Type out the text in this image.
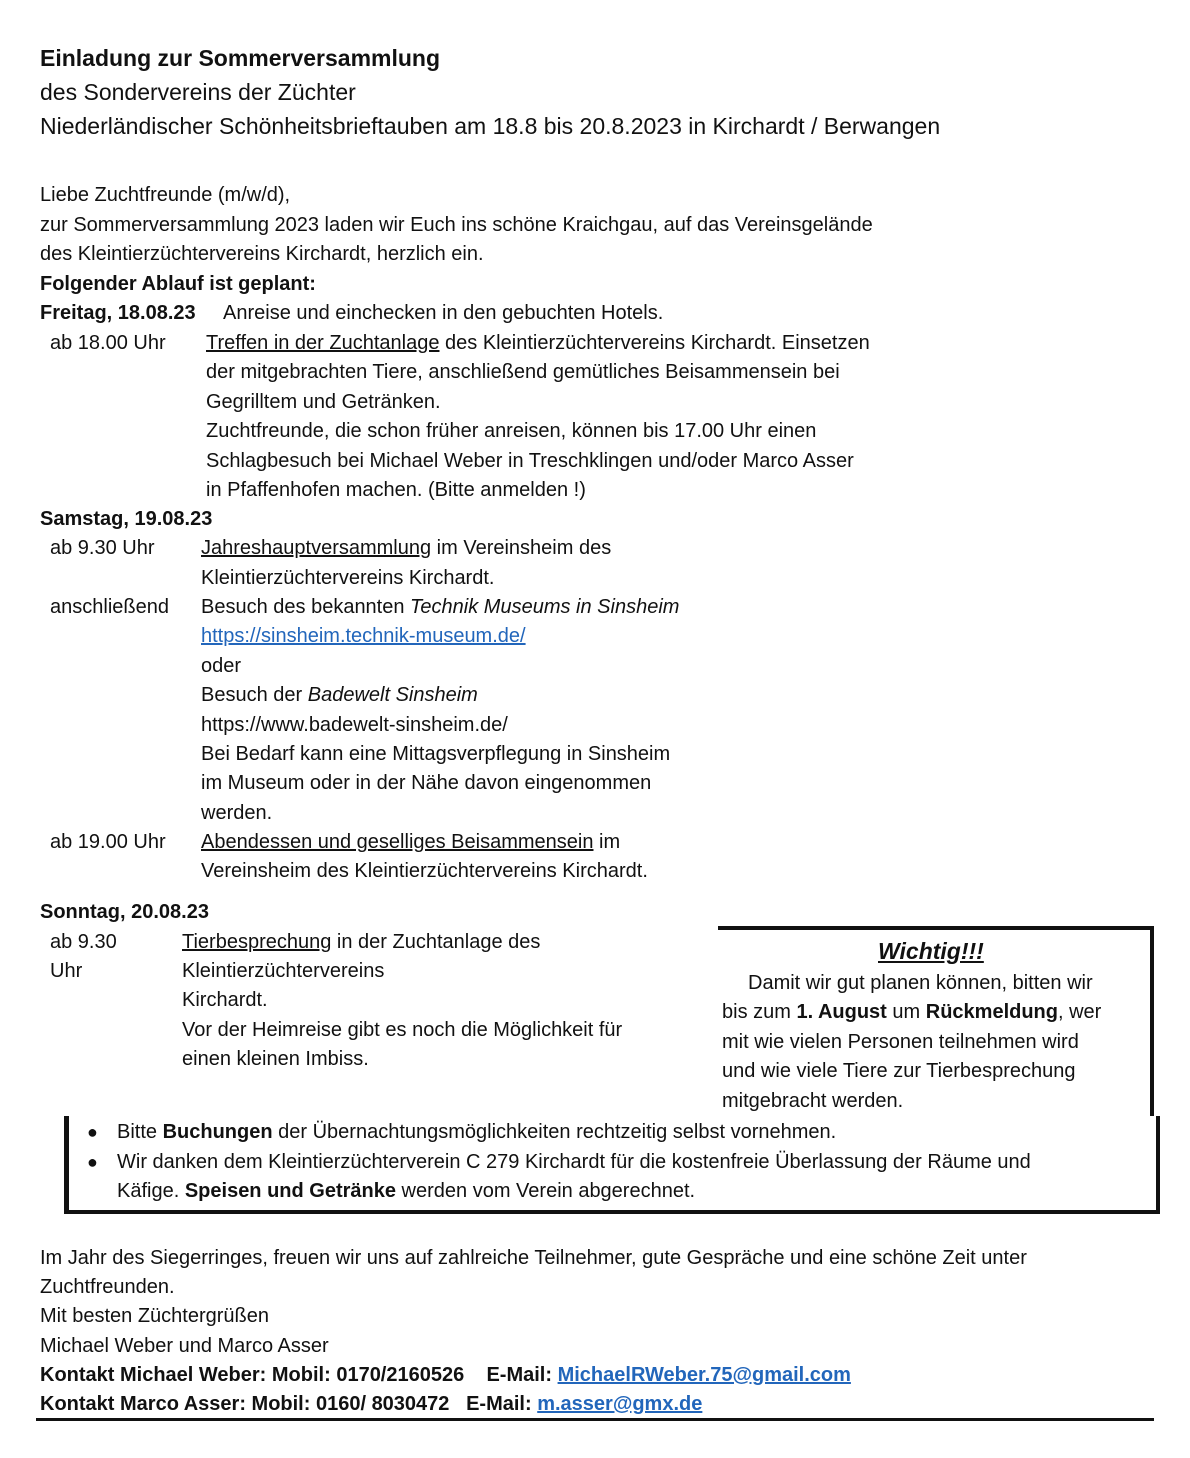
Einladung zur Sommerversammlung
des Sondervereins der Züchter
Niederländischer Schönheitsbrieftauben am 18.8 bis 20.8.2023 in Kirchardt / Berwangen
Liebe Zuchtfreunde (m/w/d),
zur Sommerversammlung 2023 laden wir Euch ins schöne Kraichgau, auf das Vereinsgelände
des Kleintierzüchtervereins Kirchardt, herzlich ein.
Folgender Ablauf ist geplant:
Freitag, 18.08.23 Anreise und einchecken in den gebuchten Hotels.
ab 18.00 Uhr Treffen in der Zuchtanlage des Kleintierzüchtervereins Kirchardt. Einsetzen
der mitgebrachten Tiere, anschließend gemütliches Beisammensein bei
Gegrilltem und Getränken.
Zuchtfreunde, die schon früher anreisen, können bis 17.00 Uhr einen
Schlagbesuch bei Michael Weber in Treschklingen und/oder Marco Asser
in Pfaffenhofen machen. (Bitte anmelden !)
Samstag, 19.08.23
ab 9.30 Uhr Jahreshauptversammlung im Vereinsheim des
Kleintierzüchtervereins Kirchardt.
anschließend Besuch des bekannten Technik Museums in Sinsheim
https://sinsheim.technik-museum.de/
oder
Besuch der Badewelt Sinsheim
https://www.badewelt-sinsheim.de/
Bei Bedarf kann eine Mittagsverpflegung in Sinsheim
im Museum oder in der Nähe davon eingenommen
werden.
ab 19.00 Uhr Abendessen und geselliges Beisammensein im
Vereinsheim des Kleintierzüchtervereins Kirchardt.
Sonntag, 20.08.23
ab 9.30
Uhr
Tierbesprechung in der Zuchtanlage des
Kleintierzüchtervereins
Kirchardt.
Vor der Heimreise gibt es noch die Möglichkeit für
einen kleinen Imbiss.
Wichtig!!!
Damit wir gut planen können, bitten wir
bis zum 1. August um Rückmeldung, wer
mit wie vielen Personen teilnehmen wird
und wie viele Tiere zur Tierbesprechung
mitgebracht werden.
● Bitte Buchungen der Übernachtungsmöglichkeiten rechtzeitig selbst vornehmen.
● Wir danken dem Kleintierzüchterverein C 279 Kirchardt für die kostenfreie Überlassung der Räume und
Käfige. Speisen und Getränke werden vom Verein abgerechnet.
Im Jahr des Siegerringes, freuen wir uns auf zahlreiche Teilnehmer, gute Gespräche und eine schöne Zeit unter
Zuchtfreunden.
Mit besten Züchtergrüßen
Michael Weber und Marco Asser
Kontakt Michael Weber: Mobil: 0170/2160526    E-Mail: MichaelRWeber.75@gmail.com
Kontakt Marco Asser: Mobil: 0160/ 8030472   E-Mail: m.asser@gmx.de
